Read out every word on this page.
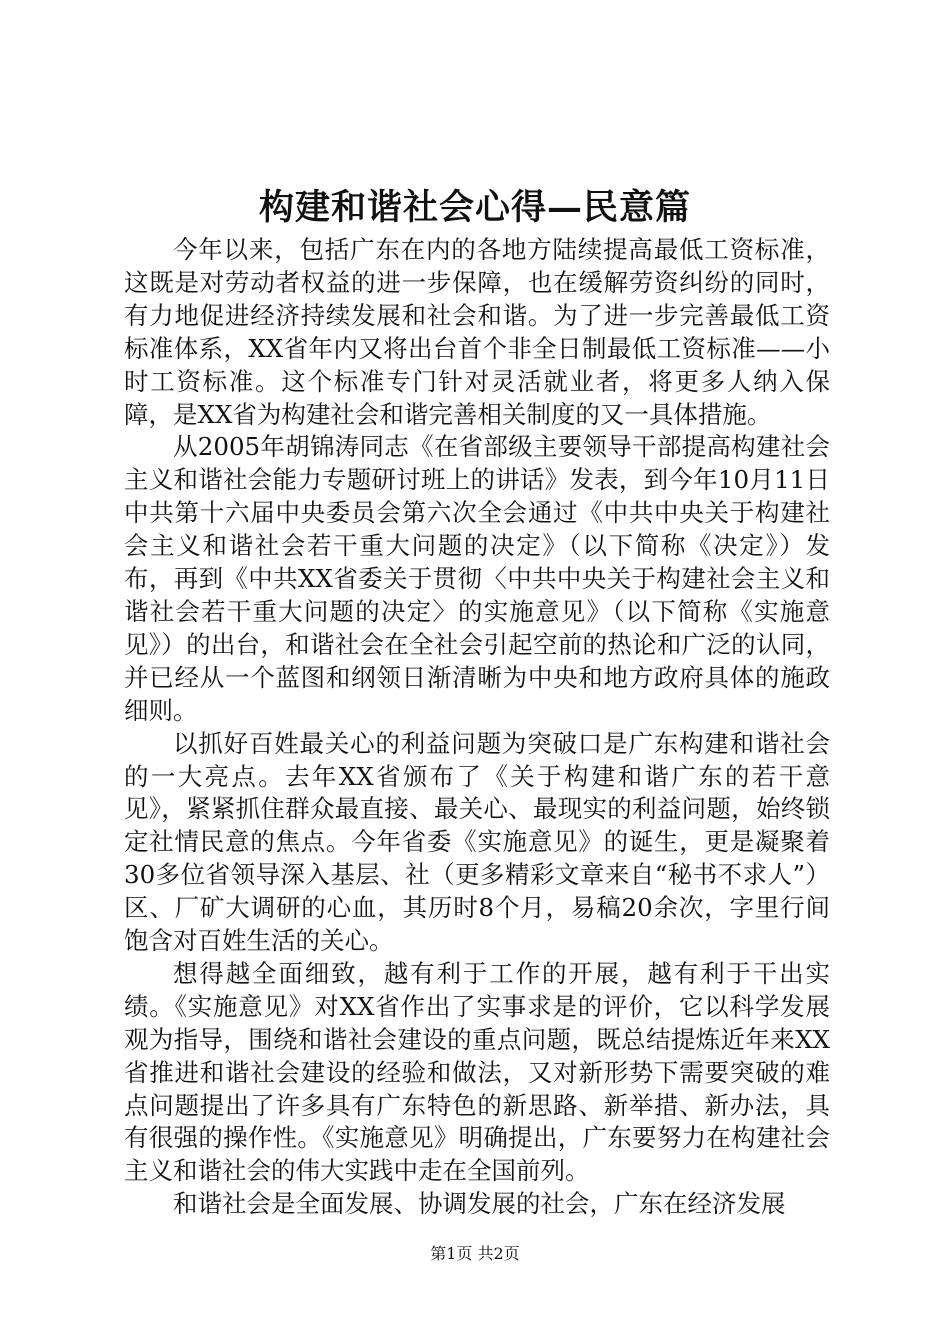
构建和谐社会心得—民意篇

今年以来，包括广东在内的各地方陆续提高最低工资标准，这既是对劳动者权益的进一步保障，也在缓解劳资纠纷的同时，有力地促进经济持续发展和社会和谐。为了进一步完善最低工资标准体系，XX省年内又将出台首个非全日制最低工资标准——小时工资标准。这个标准专门针对灵活就业者，将更多人纳入保障，是XX省为构建社会和谐完善相关制度的又一具体措施。

从2005年胡锦涛同志《在省部级主要领导干部提高构建社会主义和谐社会能力专题研讨班上的讲话》发表，到今年10月11日中共第十六届中央委员会第六次全会通过《中共中央关于构建社会主义和谐社会若干重大问题的决定》（以下简称《决定》）发布，再到《中共XX省委关于贯彻〈中共中央关于构建社会主义和谐社会若干重大问题的决定〉的实施意见》（以下简称《实施意见》）的出台，和谐社会在全社会引起空前的热论和广泛的认同，并已经从一个蓝图和纲领日渐清晰为中央和地方政府具体的施政细则。

以抓好百姓最关心的利益问题为突破口是广东构建和谐社会的一大亮点。去年XX省颁布了《关于构建和谐广东的若干意见》，紧紧抓住群众最直接、最关心、最现实的利益问题，始终锁定社情民意的焦点。今年省委《实施意见》的诞生，更是凝聚着30多位省领导深入基层、社（更多精彩文章来自“秘书不求人”）区、厂矿大调研的心血，其历时8个月，易稿20余次，字里行间饱含对百姓生活的关心。

想得越全面细致，越有利于工作的开展，越有利于干出实绩。《实施意见》对XX省作出了实事求是的评价，它以科学发展观为指导，围绕和谐社会建设的重点问题，既总结提炼近年来XX省推进和谐社会建设的经验和做法，又对新形势下需要突破的难点问题提出了许多具有广东特色的新思路、新举措、新办法，具有很强的操作性。《实施意见》明确提出，广东要努力在构建社会主义和谐社会的伟大实践中走在全国前列。

和谐社会是全面发展、协调发展的社会，广东在经济发展

第1页 共2页
